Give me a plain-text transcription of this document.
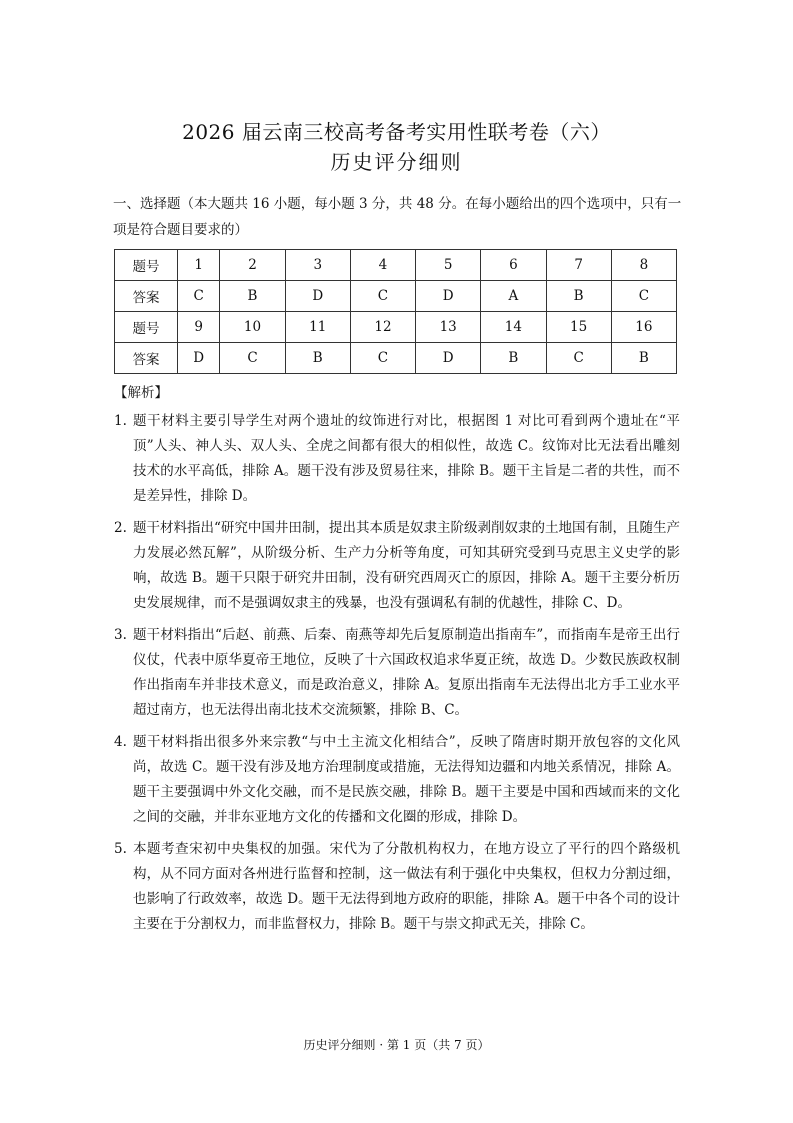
2026 届云南三校高考备考实用性联考卷（六）
历史评分细则
一、选择题（本大题共 16 小题，每小题 3 分，共 48 分。在每小题给出的四个选项中，只有一项是符合题目要求的）
题号	1	2	3	4	5	6	7	8
答案	C	B	D	C	D	A	B	C
题号	9	10	11	12	13	14	15	16
答案	D	C	B	C	D	B	C	B
【解析】
1. 题干材料主要引导学生对两个遗址的纹饰进行对比，根据图 1 对比可看到两个遗址在“平顶”人头、神人头、双人头、全虎之间都有很大的相似性，故选 C。纹饰对比无法看出雕刻技术的水平高低，排除 A。题干没有涉及贸易往来，排除 B。题干主旨是二者的共性，而不是差异性，排除 D。
2. 题干材料指出“研究中国井田制，提出其本质是奴隶主阶级剥削奴隶的土地国有制，且随生产力发展必然瓦解”，从阶级分析、生产力分析等角度，可知其研究受到马克思主义史学的影响，故选 B。题干只限于研究井田制，没有研究西周灭亡的原因，排除 A。题干主要分析历史发展规律，而不是强调奴隶主的残暴，也没有强调私有制的优越性，排除 C、D。
3. 题干材料指出“后赵、前燕、后秦、南燕等却先后复原制造出指南车”，而指南车是帝王出行仪仗，代表中原华夏帝王地位，反映了十六国政权追求华夏正统，故选 D。少数民族政权制作出指南车并非技术意义，而是政治意义，排除 A。复原出指南车无法得出北方手工业水平超过南方，也无法得出南北技术交流频繁，排除 B、C。
4. 题干材料指出很多外来宗教“与中土主流文化相结合”，反映了隋唐时期开放包容的文化风尚，故选 C。题干没有涉及地方治理制度或措施，无法得知边疆和内地关系情况，排除 A。题干主要强调中外文化交融，而不是民族交融，排除 B。题干主要是中国和西域而来的文化之间的交融，并非东亚地方文化的传播和文化圈的形成，排除 D。
5. 本题考查宋初中央集权的加强。宋代为了分散机构权力，在地方设立了平行的四个路级机构，从不同方面对各州进行监督和控制，这一做法有利于强化中央集权，但权力分割过细，也影响了行政效率，故选 D。题干无法得到地方政府的职能，排除 A。题干中各个司的设计主要在于分割权力，而非监督权力，排除 B。题干与崇文抑武无关，排除 C。
历史评分细则 · 第 1 页（共 7 页）
